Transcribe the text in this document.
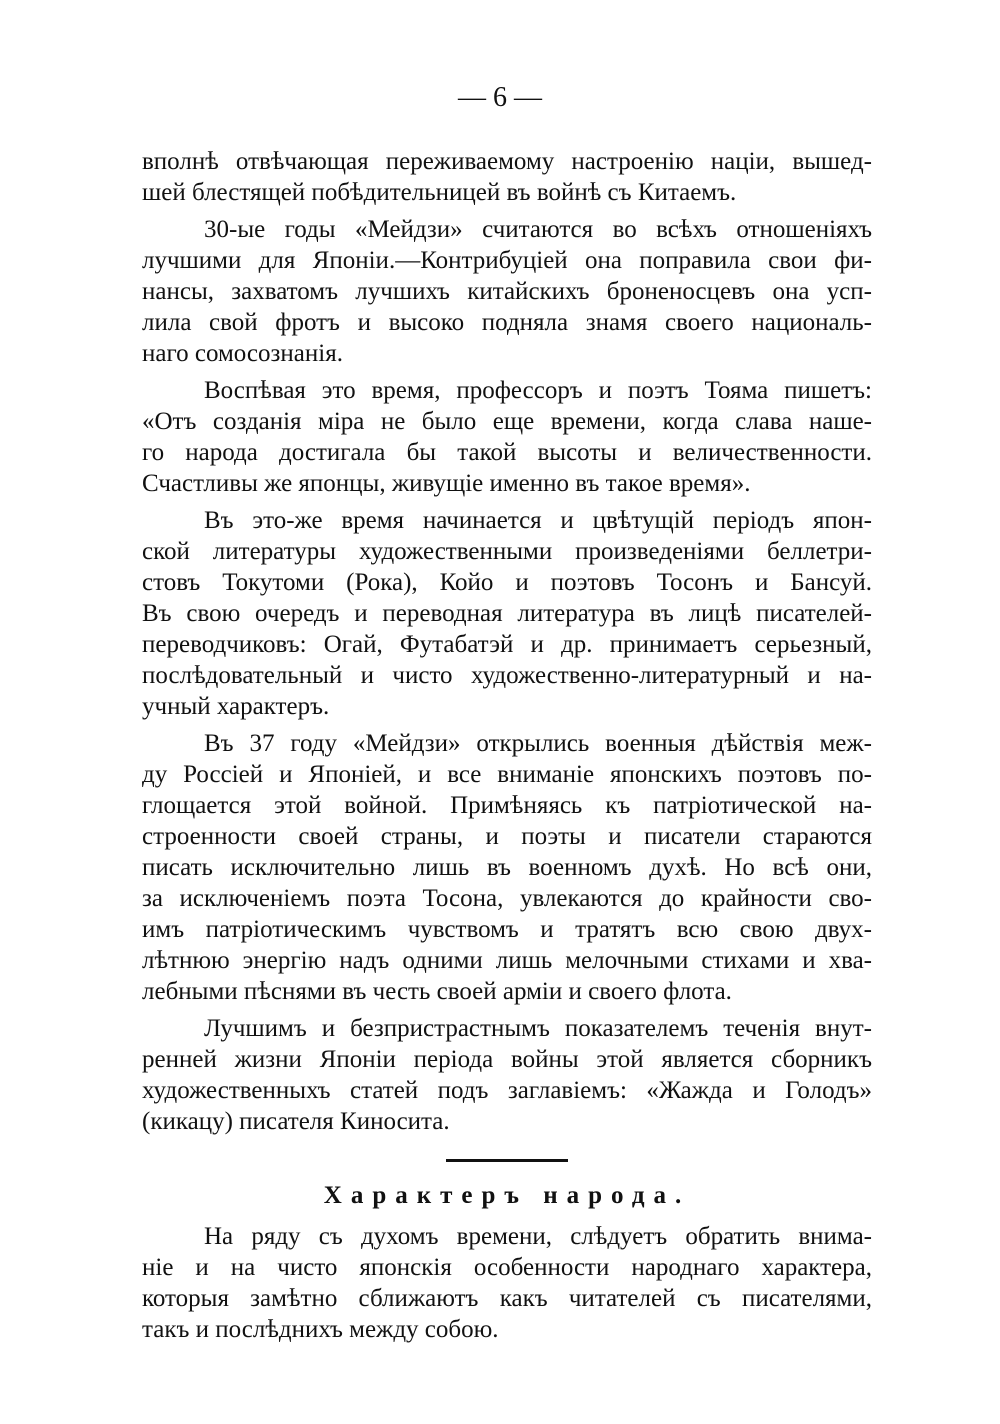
— 6 —
вполнѣ отвѣчающая переживаемому настроенію націи, вышед-
шей блестящей побѣдительницей въ войнѣ съ Китаемъ.
30-ые годы «Мейдзи» считаются во всѣхъ отношеніяхъ
лучшими для Японіи.—Контрибуціей она поправила свои фи-
нансы, захватомъ лучшихъ китайскихъ броненосцевъ она усп-
лила свой фротъ и высоко подняла знамя своего националь-
наго сомосознанія.
Воспѣвая это время, профессоръ и поэтъ Тояма пишетъ:
«Отъ созданія міра не было еще времени, когда слава наше-
го народа достигала бы такой высоты и величественности.
Счастливы же японцы, живущіе именно въ такое время».
Въ это-же время начинается и цвѣтущій періодъ япон-
ской литературы художественными произведеніями беллетри-
стовъ Токутоми (Рока), Койо и поэтовъ Тосонъ и Бансуй.
Въ свою очередъ и переводная литература въ лицѣ писателей-
переводчиковъ: Огай, Футабатэй и др. принимаетъ серьезный,
послѣдовательный и чисто художественно-литературный и на-
учный характеръ.
Въ 37 году «Мейдзи» открылись военныя дѣйствія меж-
ду Россіей и Японіей, и все вниманіе японскихъ поэтовъ по-
глощается этой войной. Примѣняясь къ патріотической на-
строенности своей страны, и поэты и писатели стараются
писать исключительно лишь въ военномъ духѣ. Но всѣ они,
за исключеніемъ поэта Тосона, увлекаются до крайности сво-
имъ патріотическимъ чувствомъ и тратятъ всю свою двух-
лѣтнюю энергію надъ одними лишь мелочными стихами и хва-
лебными пѣснями въ честь своей арміи и своего флота.
Лучшимъ и безпристрастнымъ показателемъ теченія внут-
ренней жизни Японіи періода войны этой является сборникъ
художественныхъ статей подъ заглавіемъ: «Жажда и Голодъ»
(кикацу) писателя Киносита.
Характеръ народа.
На ряду съ духомъ времени, слѣдуетъ обратить внима-
ніе и на чисто японскія особенности народнаго характера,
которыя замѣтно сближаютъ какъ читателей съ писателями,
такъ и послѣднихъ между собою.
